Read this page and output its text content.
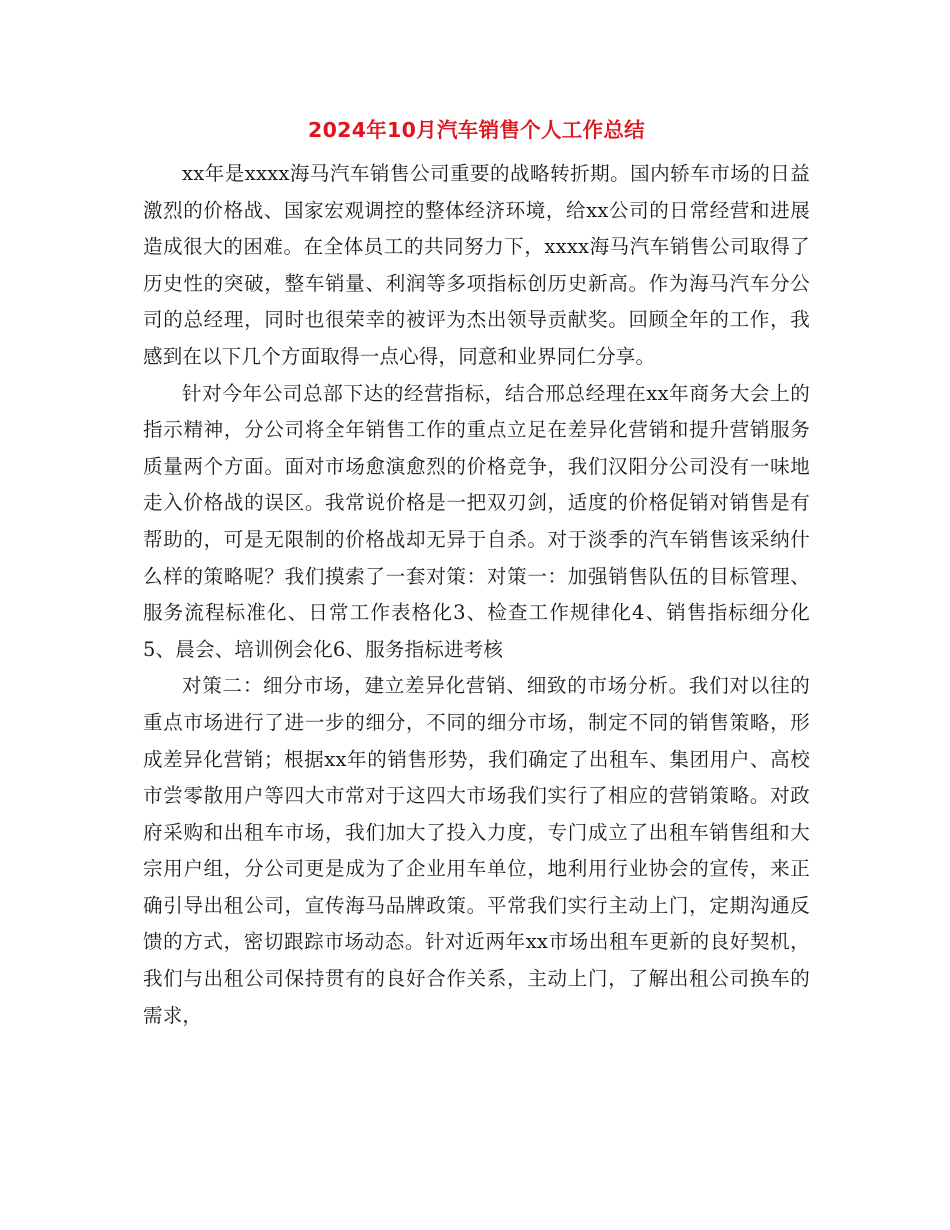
2024年10月汽车销售个人工作总结

xx年是xxxx海马汽车销售公司重要的战略转折期。国内轿车市场的日益激烈的价格战、国家宏观调控的整体经济环境，给xx公司的日常经营和进展造成很大的困难。在全体员工的共同努力下，xxxx海马汽车销售公司取得了历史性的突破，整车销量、利润等多项指标创历史新高。作为海马汽车分公司的总经理，同时也很荣幸的被评为杰出领导贡献奖。回顾全年的工作，我感到在以下几个方面取得一点心得，同意和业界同仁分享。

针对今年公司总部下达的经营指标，结合邢总经理在xx年商务大会上的指示精神，分公司将全年销售工作的重点立足在差异化营销和提升营销服务质量两个方面。面对市场愈演愈烈的价格竞争，我们汉阳分公司没有一味地走入价格战的误区。我常说价格是一把双刃剑，适度的价格促销对销售是有帮助的，可是无限制的价格战却无异于自杀。对于淡季的汽车销售该采纳什么样的策略呢？我们摸索了一套对策：对策一：加强销售队伍的目标管理、服务流程标准化、日常工作表格化3、检查工作规律化4、销售指标细分化5、晨会、培训例会化6、服务指标进考核

对策二：细分市场，建立差异化营销、细致的市场分析。我们对以往的重点市场进行了进一步的细分，不同的细分市场，制定不同的销售策略，形成差异化营销；根据xx年的销售形势，我们确定了出租车、集团用户、高校市尝零散用户等四大市常对于这四大市场我们实行了相应的营销策略。对政府采购和出租车市场，我们加大了投入力度，专门成立了出租车销售组和大宗用户组，分公司更是成为了企业用车单位，地利用行业协会的宣传，来正确引导出租公司，宣传海马品牌政策。平常我们实行主动上门，定期沟通反馈的方式，密切跟踪市场动态。针对近两年xx市场出租车更新的良好契机，我们与出租公司保持贯有的良好合作关系，主动上门，了解出租公司换车的需求，
